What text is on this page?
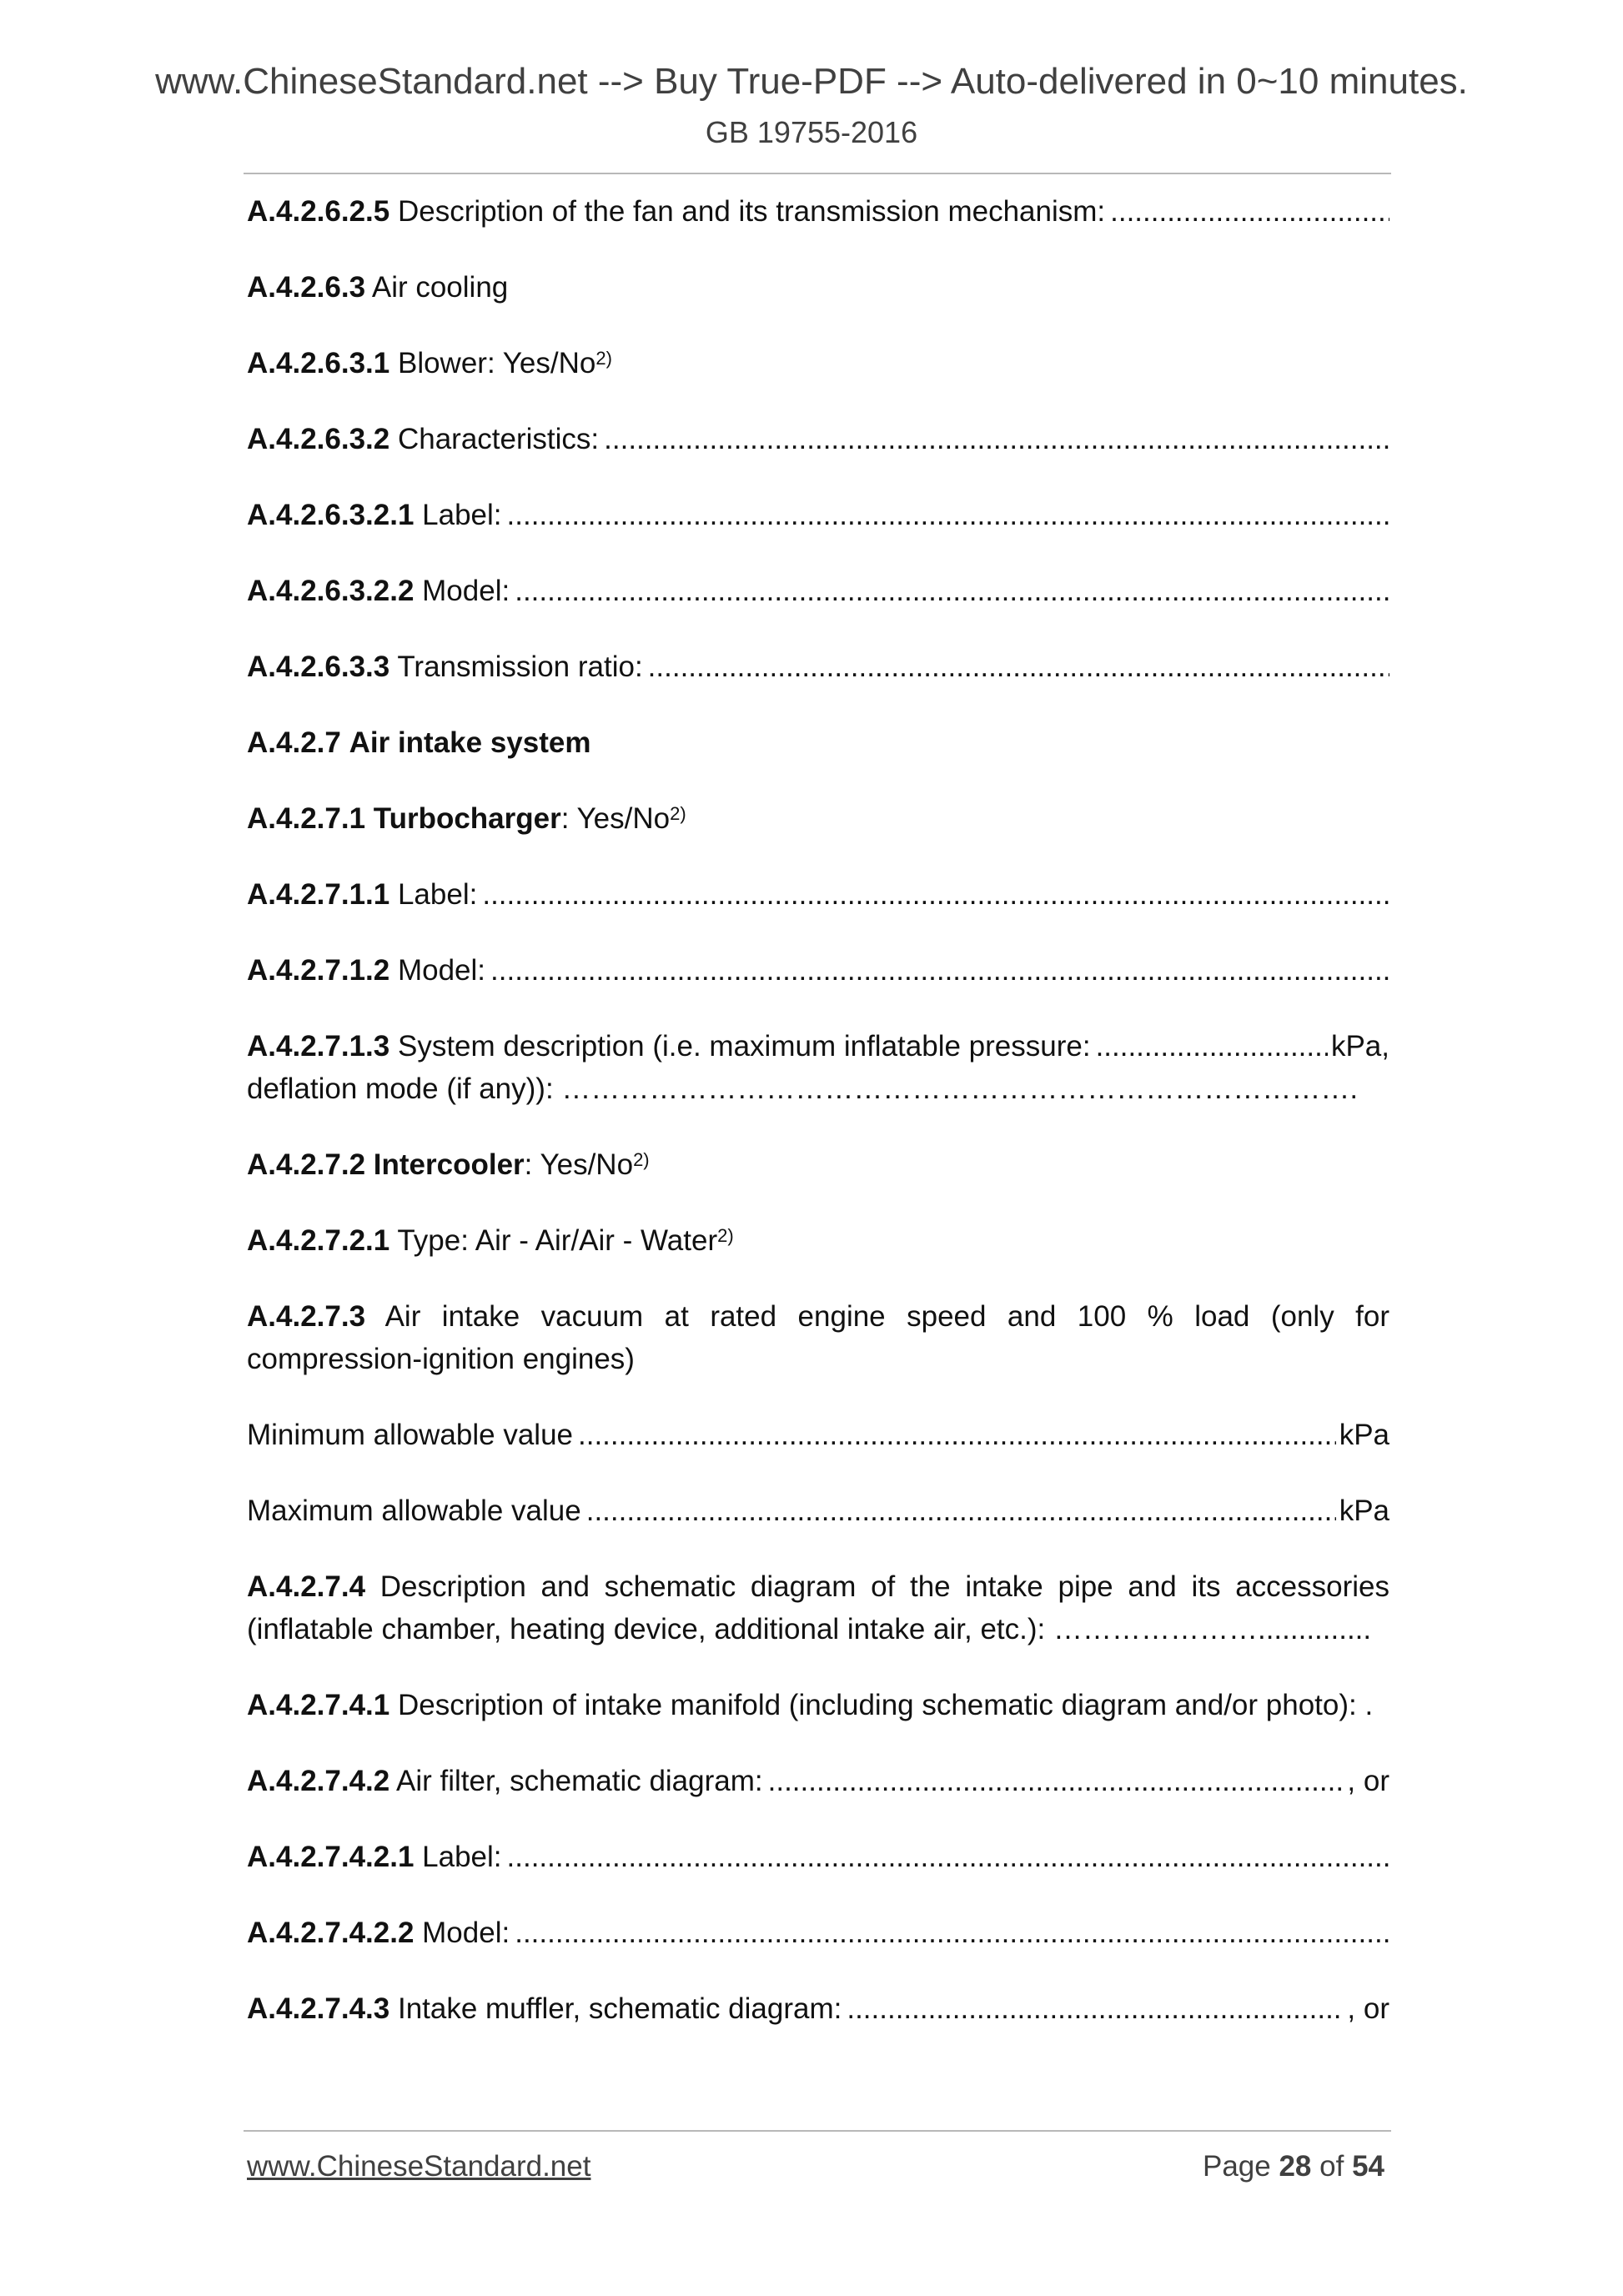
www.ChineseStandard.net --> Buy True-PDF --> Auto-delivered in 0~10 minutes.
GB 19755-2016
A.4.2.6.2.5 Description of the fan and its transmission mechanism:
.....
A.4.2.6.3 Air cooling
A.4.2.6.3.1 Blower: Yes/No$^{2)}$
A.4.2.6.3.2 Characteristics:
.....
A.4.2.6.3.2.1 Label:
.....
A.4.2.6.3.2.2 Model:
.....
A.4.2.6.3.3 Transmission ratio:
.....
A.4.2.7 Air intake system
A.4.2.7.1 Turbocharger: Yes/No$^{2)}$
A.4.2.7.1.1 Label:
.....
A.4.2.7.1.2 Model:
.....
A.4.2.7.1.3 System description (i.e. maximum inflatable pressure: .....	kPa,
deflation mode (if any)): ……………………………………………………………………….
A.4.2.7.2 Intercooler: Yes/No$^{2)}$
A.4.2.7.2.1 Type: Air - Air/Air - Water$^{2)}$
A.4.2.7.3 Air intake vacuum at rated engine speed and 100 % load (only for compression-ignition engines)
Minimum allowable value .....	kPa
Maximum allowable value .....	kPa
A.4.2.7.4 Description and schematic diagram of the intake pipe and its accessories
(inflatable chamber, heating device, additional intake air, etc.): …………………..............
A.4.2.7.4.1 Description of intake manifold (including schematic diagram and/or photo): .
A.4.2.7.4.2 Air filter, schematic diagram: .....	, or
A.4.2.7.4.2.1 Label:
.....
A.4.2.7.4.2.2 Model:
.....
A.4.2.7.4.3 Intake muffler, schematic diagram: .....	, or
www.ChineseStandard.net	Page 28 of 54
